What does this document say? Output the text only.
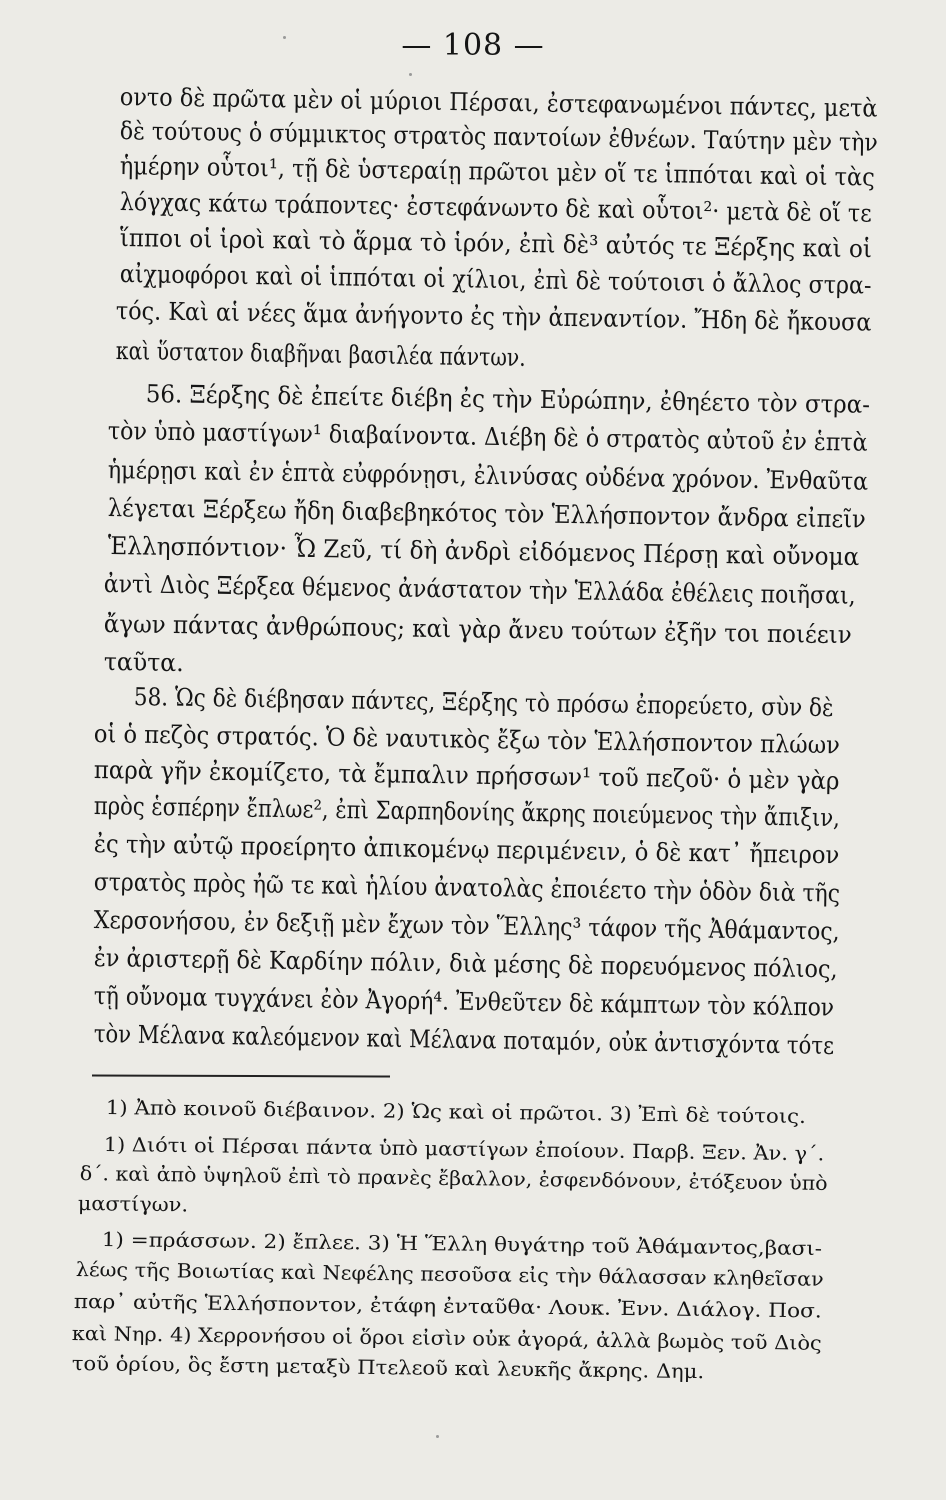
— 108 —
οντο δὲ πρῶτα μὲν οἱ μύριοι Πέρσαι, ἐστεφανωμένοι πάντες, μετὰ
δὲ τούτους ὁ σύμμικτος στρατὸς παντοίων ἐθνέων. Ταύτην μὲν τὴν
ἡμέρην οὗτοι¹, τῇ δὲ ὑστεραίῃ πρῶτοι μὲν οἵ τε ἱππόται καὶ οἱ τὰς
λόγχας κάτω τράποντες· ἐστεφάνωντο δὲ καὶ οὗτοι²· μετὰ δὲ οἵ τε
ἵπποι οἱ ἱροὶ καὶ τὸ ἅρμα τὸ ἱρόν, ἐπὶ δὲ³ αὐτός τε Ξέρξης καὶ οἱ
αἰχμοφόροι καὶ οἱ ἱππόται οἱ χίλιοι, ἐπὶ δὲ τούτοισι ὁ ἄλλος στρα-
τός. Καὶ αἱ νέες ἅμα ἀνήγοντο ἐς τὴν ἀπεναντίον. Ἤδη δὲ ἤκουσα
καὶ ὕστατον διαβῆναι βασιλέα πάντων.
56. Ξέρξης δὲ ἐπείτε διέβη ἐς τὴν Εὐρώπην, ἐθηέετο τὸν στρα-
τὸν ὑπὸ μαστίγων¹ διαβαίνοντα. Διέβη δὲ ὁ στρατὸς αὐτοῦ ἐν ἑπτὰ
ἡμέρῃσι καὶ ἐν ἑπτὰ εὐφρόνῃσι, ἐλινύσας οὐδένα χρόνον. Ἐνθαῦτα
λέγεται Ξέρξεω ἤδη διαβεβηκότος τὸν Ἑλλήσποντον ἄνδρα εἰπεῖν
Ἑλλησπόντιον· Ὦ Ζεῦ, τί δὴ ἀνδρὶ εἰδόμενος Πέρσῃ καὶ οὔνομα
ἀντὶ Διὸς Ξέρξεα θέμενος ἀνάστατον τὴν Ἑλλάδα ἐθέλεις ποιῆσαι,
ἄγων πάντας ἀνθρώπους; καὶ γὰρ ἄνευ τούτων ἐξῆν τοι ποιέειν
ταῦτα.
58. Ὡς δὲ διέβησαν πάντες, Ξέρξης τὸ πρόσω ἐπορεύετο, σὺν δὲ
οἱ ὁ πεζὸς στρατός. Ὁ δὲ ναυτικὸς ἔξω τὸν Ἑλλήσποντον πλώων
παρὰ γῆν ἐκομίζετο, τὰ ἔμπαλιν πρήσσων¹ τοῦ πεζοῦ· ὁ μὲν γὰρ
πρὸς ἑσπέρην ἔπλωε², ἐπὶ Σαρπηδονίης ἄκρης ποιεύμενος τὴν ἄπιξιν,
ἐς τὴν αὐτῷ προείρητο ἀπικομένῳ περιμένειν, ὁ δὲ κατ᾽ ἤπειρον
στρατὸς πρὸς ἠῶ τε καὶ ἡλίου ἀνατολὰς ἐποιέετο τὴν ὁδὸν διὰ τῆς
Χερσονήσου, ἐν δεξιῇ μὲν ἔχων τὸν Ἕλλης³ τάφον τῆς Ἀθάμαντος,
ἐν ἀριστερῇ δὲ Καρδίην πόλιν, διὰ μέσης δὲ πορευόμενος πόλιος,
τῇ οὔνομα τυγχάνει ἐὸν Ἀγορή⁴. Ἐνθεῦτεν δὲ κάμπτων τὸν κόλπον
τὸν Μέλανα καλεόμενον καὶ Μέλανα ποταμόν, οὐκ ἀντισχόντα τότε
1) Ἀπὸ κοινοῦ διέβαινον. 2) Ὡς καὶ οἱ πρῶτοι. 3) Ἐπὶ δὲ τούτοις.
1) Διότι οἱ Πέρσαι πάντα ὑπὸ μαστίγων ἐποίουν. Παρβ. Ξεν. Ἀν. γ΄.
δ΄. καὶ ἀπὸ ὑψηλοῦ ἐπὶ τὸ πρανὲς ἔβαλλον, ἐσφενδόνουν, ἐτόξευον ὑπὸ
μαστίγων.
1) =πράσσων. 2) ἔπλεε. 3) Ἡ Ἕλλη θυγάτηρ τοῦ Ἀθάμαντος,βασι-
λέως τῆς Βοιωτίας καὶ Νεφέλης πεσοῦσα εἰς τὴν θάλασσαν κληθεῖσαν
παρ᾽ αὐτῆς Ἑλλήσποντον, ἐτάφη ἐνταῦθα· Λουκ. Ἐνν. Διάλογ. Ποσ.
καὶ Νηρ. 4) Χερρονήσου οἱ ὅροι εἰσὶν οὐκ ἀγορά, ἀλλὰ βωμὸς τοῦ Διὸς
τοῦ ὁρίου, ὃς ἔστη μεταξὺ Πτελεοῦ καὶ λευκῆς ἄκρης. Δημ.
